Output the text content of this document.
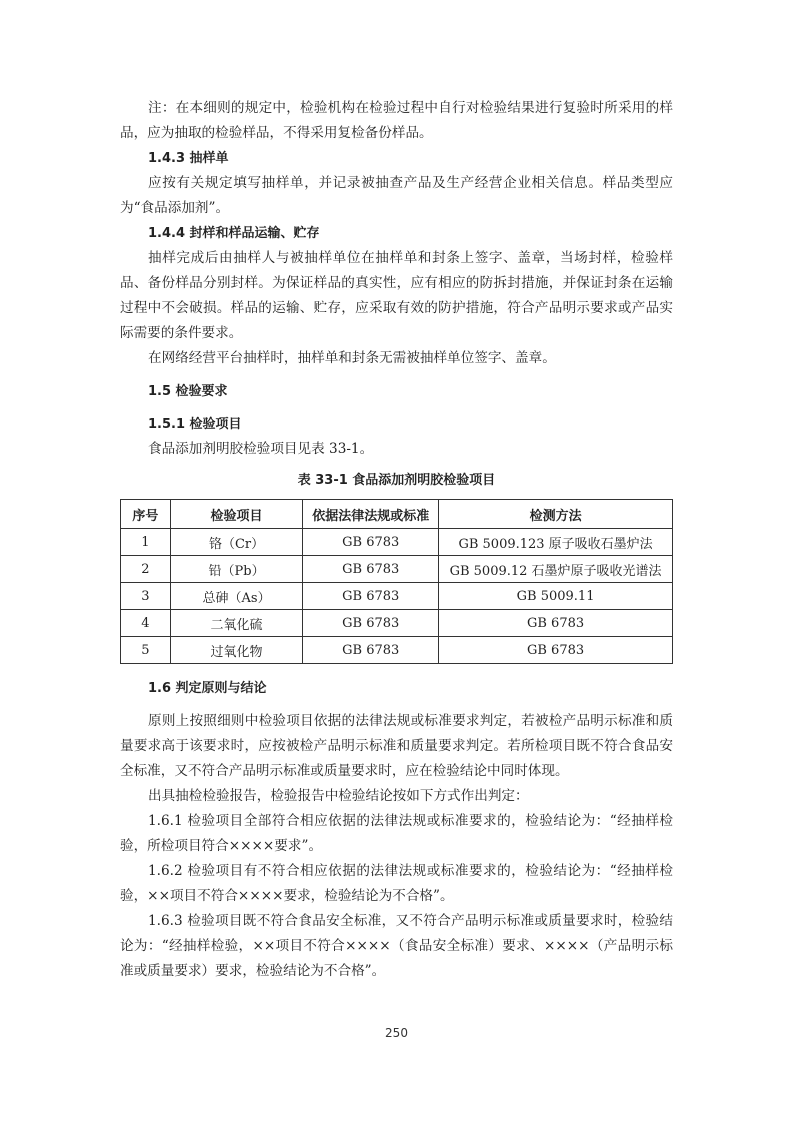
注：在本细则的规定中，检验机构在检验过程中自行对检验结果进行复验时所采用的样品，应为抽取的检验样品，不得采用复检备份样品。

1.4.3 抽样单

应按有关规定填写抽样单，并记录被抽查产品及生产经营企业相关信息。样品类型应为“食品添加剂”。

1.4.4 封样和样品运输、贮存

抽样完成后由抽样人与被抽样单位在抽样单和封条上签字、盖章，当场封样，检验样品、备份样品分别封样。为保证样品的真实性，应有相应的防拆封措施，并保证封条在运输过程中不会破损。样品的运输、贮存，应采取有效的防护措施，符合产品明示要求或产品实际需要的条件要求。

在网络经营平台抽样时，抽样单和封条无需被抽样单位签字、盖章。

1.5 检验要求
1.5.1 检验项目

食品添加剂明胶检验项目见表 33-1。

表 33-1 食品添加剂明胶检验项目
序号	检验项目	依据法律法规或标准	检测方法
1	铬（Cr）	GB 6783	GB 5009.123 原子吸收石墨炉法
2	铅（Pb）	GB 6783	GB 5009.12 石墨炉原子吸收光谱法
3	总砷（As）	GB 6783	GB 5009.11
4	二氧化硫	GB 6783	GB 6783
5	过氧化物	GB 6783	GB 6783
1.6 判定原则与结论

原则上按照细则中检验项目依据的法律法规或标准要求判定，若被检产品明示标准和质量要求高于该要求时，应按被检产品明示标准和质量要求判定。若所检项目既不符合食品安全标准，又不符合产品明示标准或质量要求时，应在检验结论中同时体现。

出具抽检检验报告，检验报告中检验结论按如下方式作出判定：

1.6.1 检验项目全部符合相应依据的法律法规或标准要求的，检验结论为：“经抽样检验，所检项目符合××××要求”。

1.6.2 检验项目有不符合相应依据的法律法规或标准要求的，检验结论为：“经抽样检验，××项目不符合××××要求，检验结论为不合格”。

1.6.3 检验项目既不符合食品安全标准，又不符合产品明示标准或质量要求时，检验结论为：“经抽样检验，××项目不符合××××（食品安全标准）要求、××××（产品明示标准或质量要求）要求，检验结论为不合格”。

250
